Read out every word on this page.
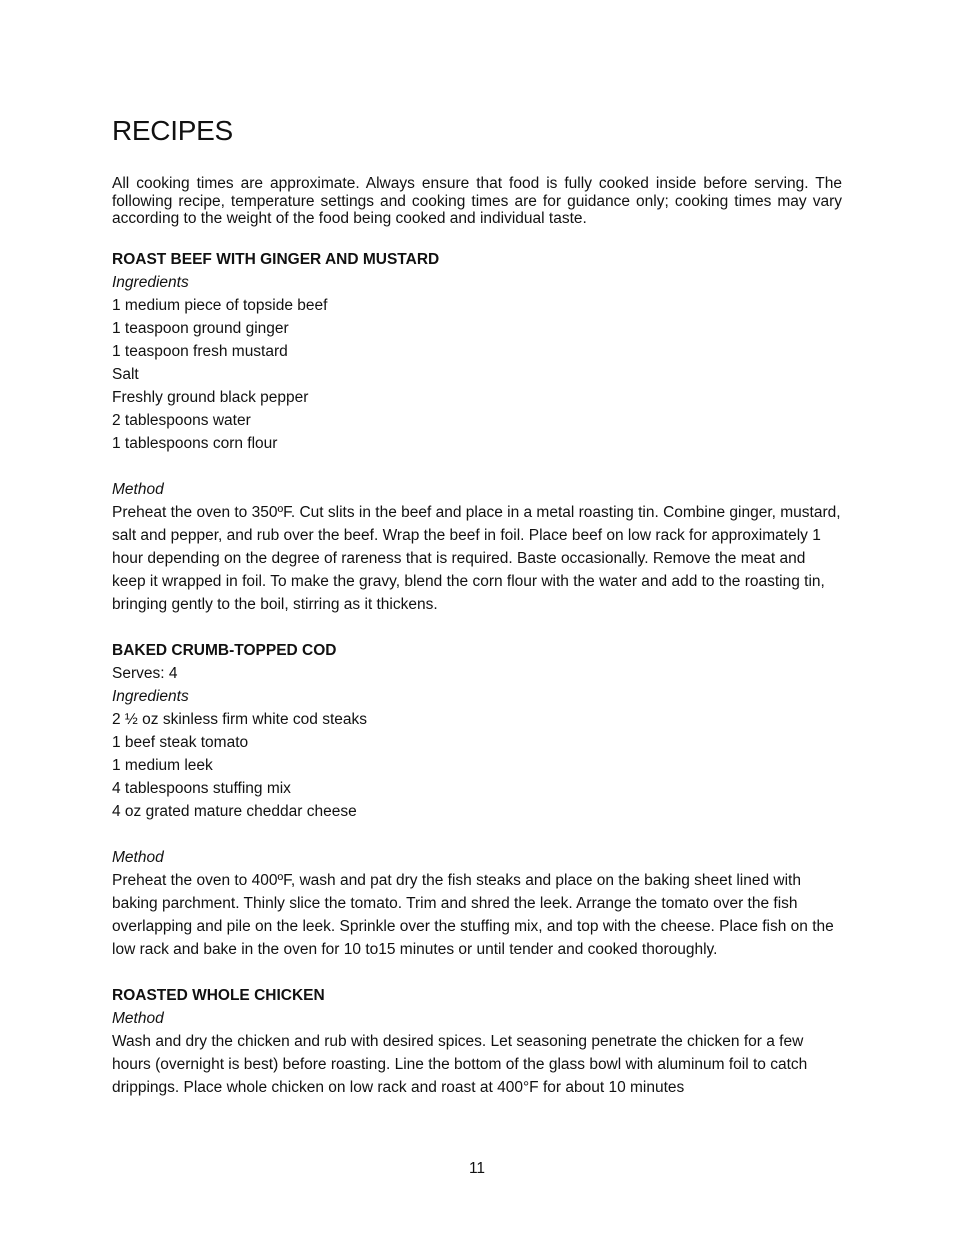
RECIPES

All cooking times are approximate. Always ensure that food is fully cooked inside before serving. The following recipe, temperature settings and cooking times are for guidance only; cooking times may vary according to the weight of the food being cooked and individual taste.

ROAST BEEF WITH GINGER AND MUSTARD

Ingredients

1 medium piece of topside beef

1 teaspoon ground ginger

1 teaspoon fresh mustard

Salt

Freshly ground black pepper

2 tablespoons water

1 tablespoons corn flour

Method

Preheat the oven to 350ºF. Cut slits in the beef and place in a metal roasting tin. Combine ginger, mustard, salt and pepper, and rub over the beef. Wrap the beef in foil. Place beef on low rack for approximately 1 hour depending on the degree of rareness that is required. Baste occasionally. Remove the meat and keep it wrapped in foil. To make the gravy, blend the corn flour with the water and add to the roasting tin, bringing gently to the boil, stirring as it thickens.

BAKED CRUMB-TOPPED COD

Serves: 4

Ingredients

2 ½ oz skinless firm white cod steaks

1 beef steak tomato

1 medium leek

4 tablespoons stuffing mix

4 oz grated mature cheddar cheese

Method

Preheat the oven to 400ºF, wash and pat dry the fish steaks and place on the baking sheet lined with baking parchment. Thinly slice the tomato. Trim and shred the leek. Arrange the tomato over the fish overlapping and pile on the leek. Sprinkle over the stuffing mix, and top with the cheese. Place fish on the low rack and bake in the oven for 10 to15 minutes or until tender and cooked thoroughly.

ROASTED WHOLE CHICKEN

Method

Wash and dry the chicken and rub with desired spices. Let seasoning penetrate the chicken for a few hours (overnight is best) before roasting. Line the bottom of the glass bowl with aluminum foil to catch drippings. Place whole chicken on low rack and roast at 400°F for about 10 minutes

11
